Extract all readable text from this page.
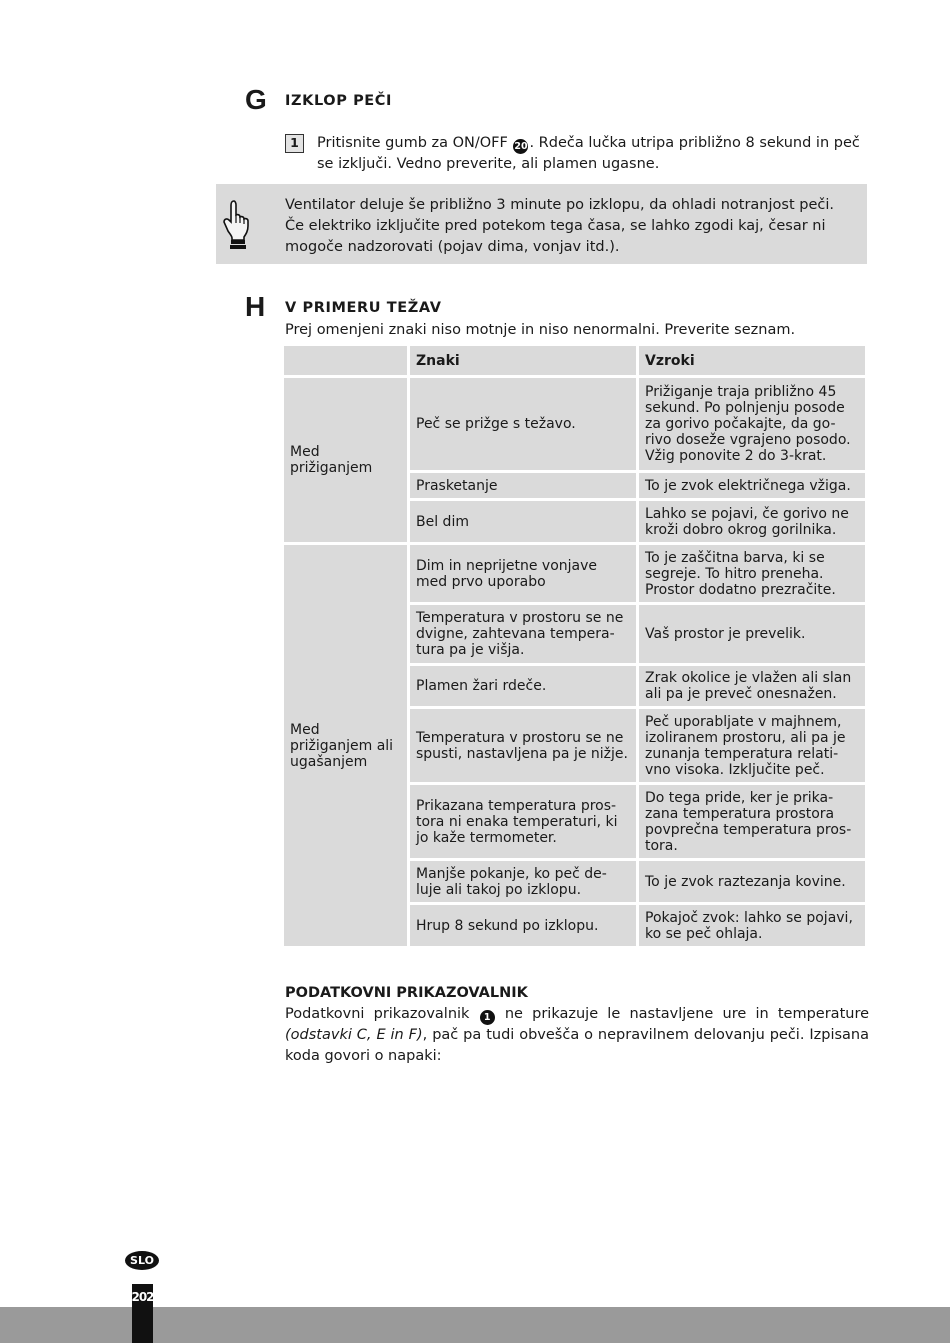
G IZKLOP PEČI
1	Pritisnite gumb za ON/OFF 20 . Rdeča lučka utripa približno 8 sekund in peč se izključi. Vedno preverite, ali plamen ugasne.
Ventilator deluje še približno 3 minute po izklopu, da ohladi notranjost peči. Če elektriko izključite pred potekom tega časa, se lahko zgodi kaj, česar ni mogoče nadzorovati (pojav dima, vonjav itd.).
H V PRIMERU TEŽAV
Prej omenjeni znaki niso motnje in niso nenormalni. Preverite seznam.
	Znaki	Vzroki
Med prižiganjem	Peč se prižge s težavo.	Prižiganje traja približno 45 sekund. Po polnjenju posode za gorivo počakajte, da go-rivo doseže vgrajeno posodo. Vžig ponovite 2 do 3-krat.
	Prasketanje	To je zvok električnega vžiga.
	Bel dim	Lahko se pojavi, če gorivo ne kroži dobro okrog gorilnika.
Med prižiganjem ali ugašanjem	Dim in neprijetne vonjave med prvo uporabo	To je zaščitna barva, ki se segreje. To hitro preneha. Prostor dodatno prezračite.
	Temperatura v prostoru se ne dvigne, zahtevana tempera-tura pa je višja.	Vaš prostor je prevelik.
	Plamen žari rdeče.	Zrak okolice je vlažen ali slan ali pa je preveč onesnažen.
	Temperatura v prostoru se ne spusti, nastavljena pa je nižje.	Peč uporabljate v majhnem, izoliranem prostoru, ali pa je zunanja temperatura relati-vno visoka. Izključite peč.
	Prikazana temperatura pros-tora ni enaka temperaturi, ki jo kaže termometer.	Do tega pride, ker je prika-zana temperatura prostora povprečna temperatura pros-tora.
	Manjše pokanje, ko peč de-luje ali takoj po izklopu.	To je zvok raztezanja kovine.
	Hrup 8 sekund po izklopu.	Pokajoč zvok: lahko se pojavi, ko se peč ohlaja.
PODATKOVNI PRIKAZOVALNIK
Podatkovni prikazovalnik 1 ne prikazuje le nastavljene ure in temperature (odstavki C, E in F), pač pa tudi obvešča o nepravilnem delovanju peči. Izpisana koda govori o napaki:
202
SLO
